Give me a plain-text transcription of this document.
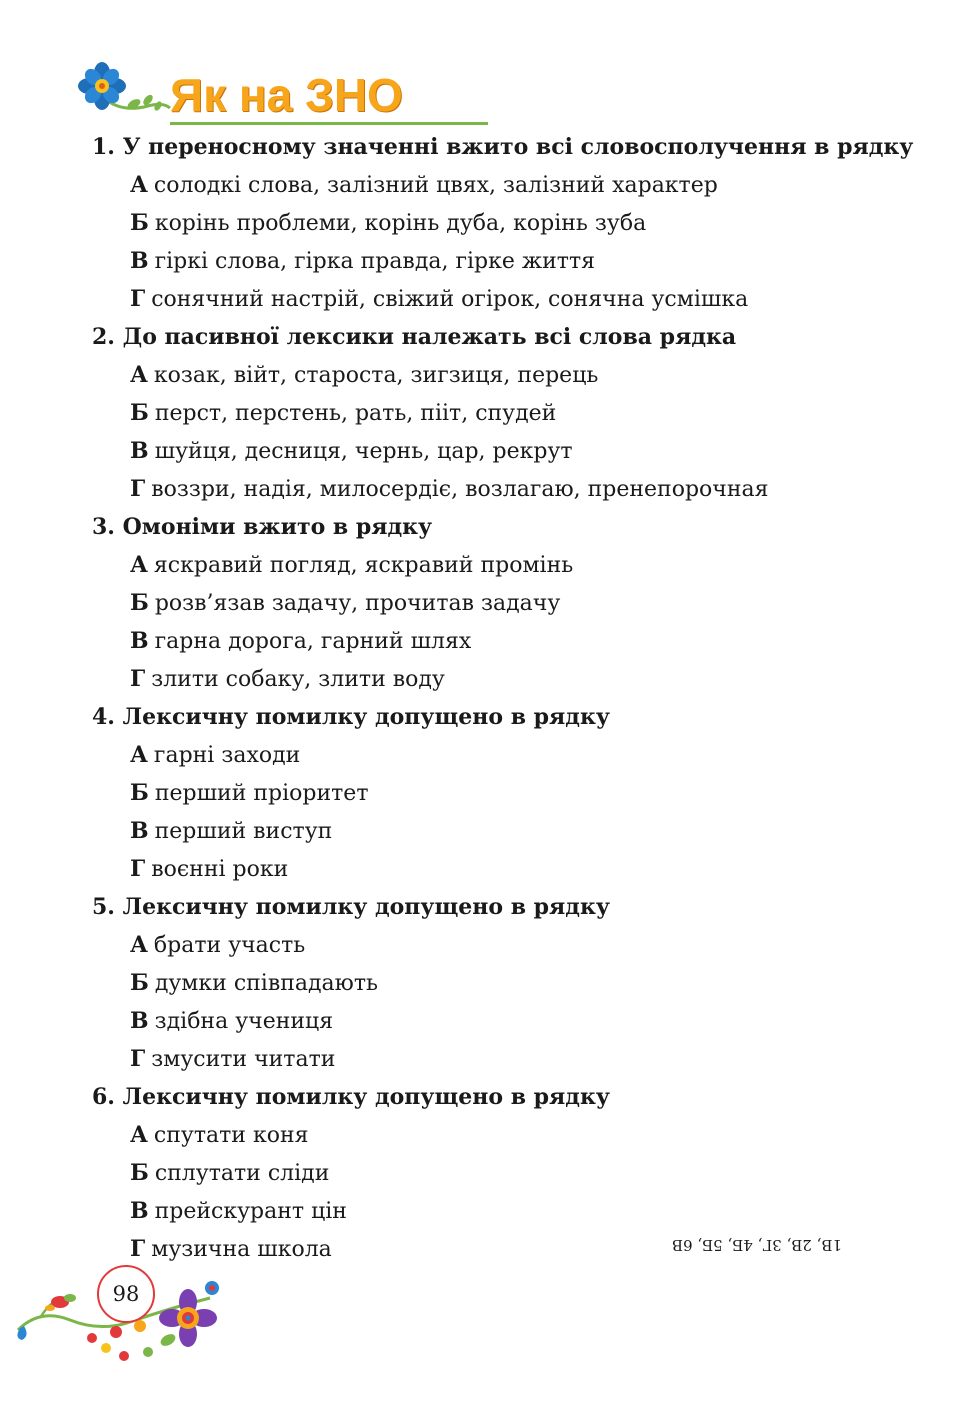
Як на ЗНО
1. У переносному значенні вжито всі словосполучення в рядку
А солодкі слова, залізний цвях, залізний характер
Б корінь проблеми, корінь дуба, корінь зуба
В гіркі слова, гірка правда, гірке життя
Г сонячний настрій, свіжий огірок, сонячна усмішка
2. До пасивної лексики належать всі слова рядка
А козак, війт, староста, зигзиця, перець
Б перст, перстень, рать, пііт, спудей
В шуйця, десниця, чернь, цар, рекрут
Г воззри, надія, милосердіє, возлагаю, пренепорочная
3. Омоніми вжито в рядку
А яскравий погляд, яскравий промінь
Б розв’язав задачу, прочитав задачу
В гарна дорога, гарний шлях
Г злити собаку, злити воду
4. Лексичну помилку допущено в рядку
А гарні заходи
Б перший пріоритет
В перший виступ
Г воєнні роки
5. Лексичну помилку допущено в рядку
А брати участь
Б думки співпадають
В здібна учениця
Г змусити читати
6. Лексичну помилку допущено в рядку
А спутати коня
Б сплутати сліди
В прейскурант цін
Г музична школа	1В, 2В, 3Г, 4Б, 5Б, 6В
98
